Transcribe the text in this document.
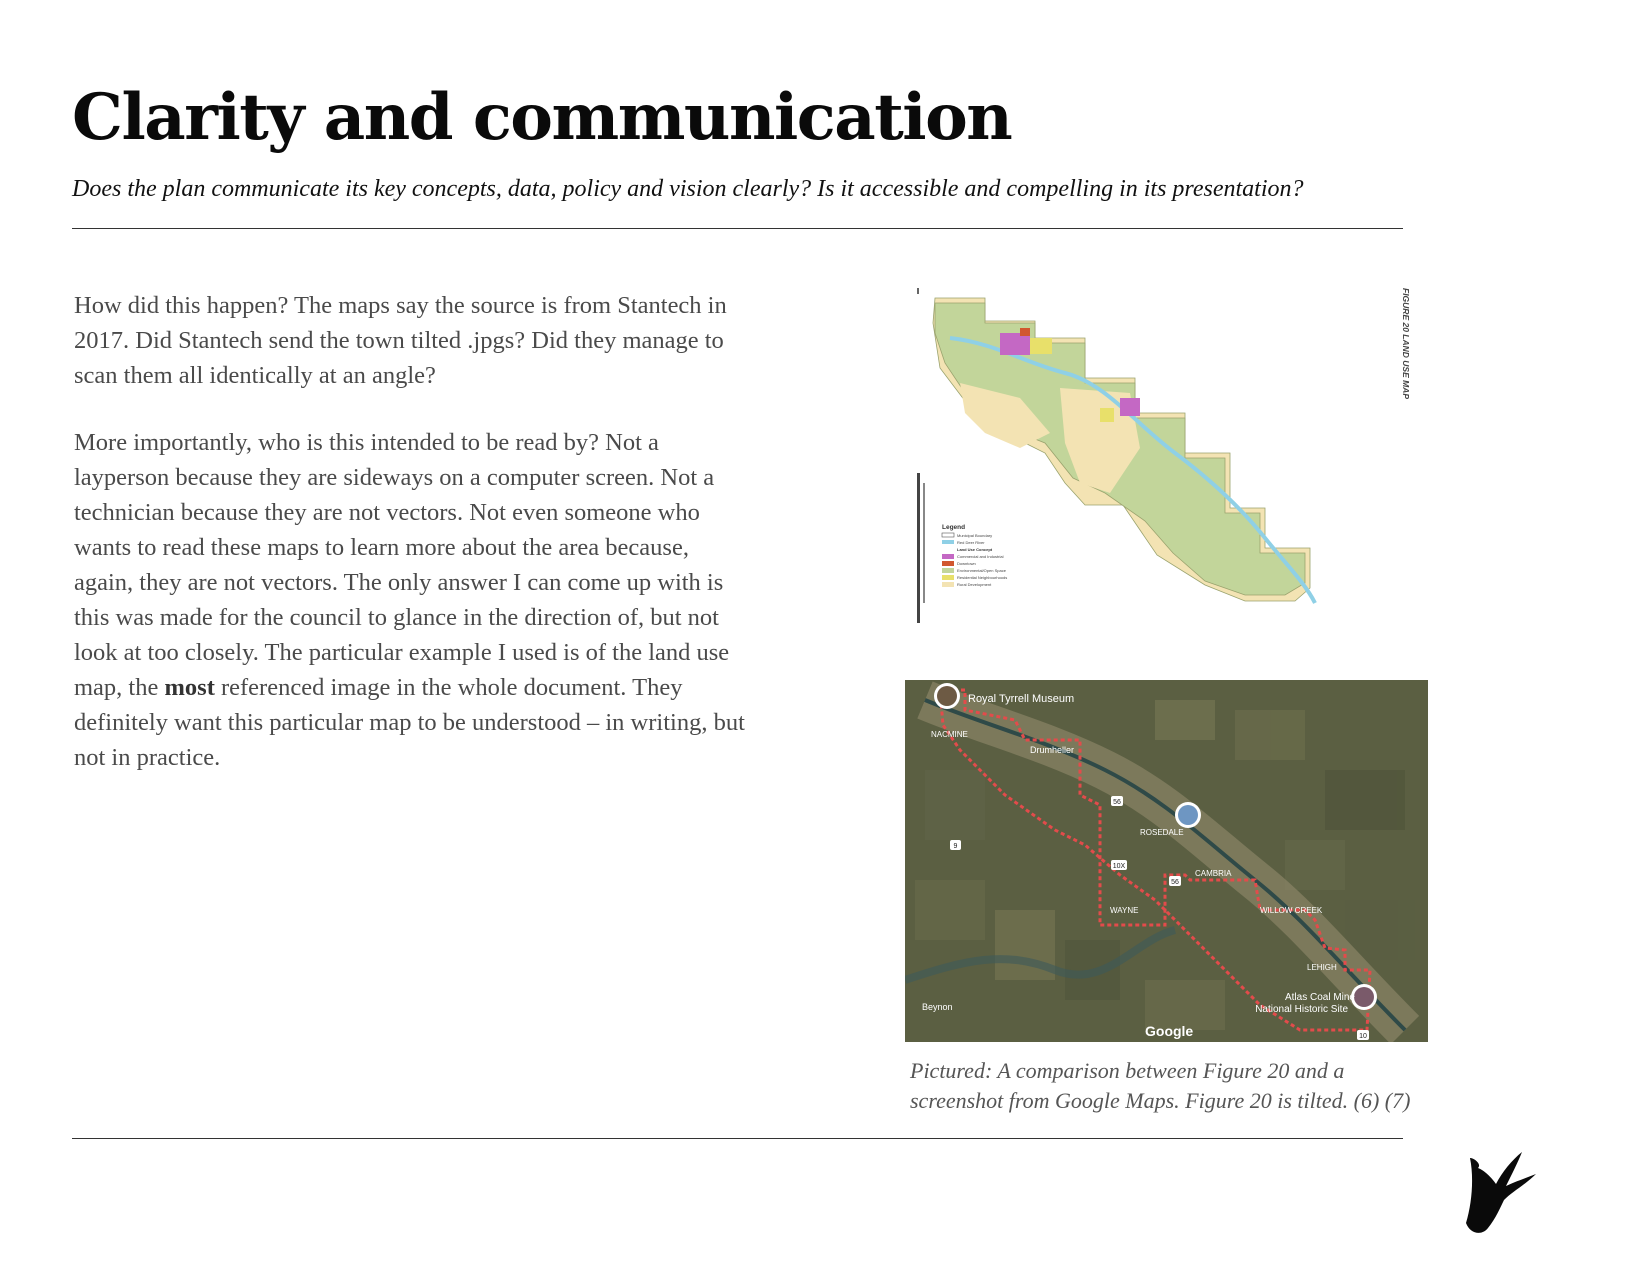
Clarity and communication

Does the plan communicate its key concepts, data, policy and vision clearly? Is it accessible and compelling in its presentation?

How did this happen? The maps say the source is from Stantech in 2017. Did Stantech send the town tilted .jpgs? Did they manage to scan them all identically at an angle?

More importantly, who is this intended to be read by? Not a layperson because they are sideways on a computer screen. Not a technician because they are not vectors. Not even someone who wants to read these maps to learn more about the area because, again, they are not vectors. The only answer I can come up with is this was made for the council to glance in the direction of, but not look at too closely. The particular example I used is of the land use map, the most referenced image in the whole document. They definitely want this particular map to be understood – in writing, but not in practice.

Legend
Municipal Boundary
Red Deer River
Land Use Concept
Commercial and Industrial
Downtown
Environmental/Open Space
Residential Neighbourhoods
Rural Development
FIGURE 20 LAND USE MAP
Royal Tyrrell Museum
NACMINE
Drumheller
ROSEDALE
CAMBRIA
WAYNE	WILLOW CREEK
LEHIGH
Atlas Coal Mine
National Historic Site
Beynon
Google
56
9
10X
56
10
Pictured: A comparison between Figure 20 and a
screenshot from Google Maps. Figure 20 is tilted. (6) (7)
